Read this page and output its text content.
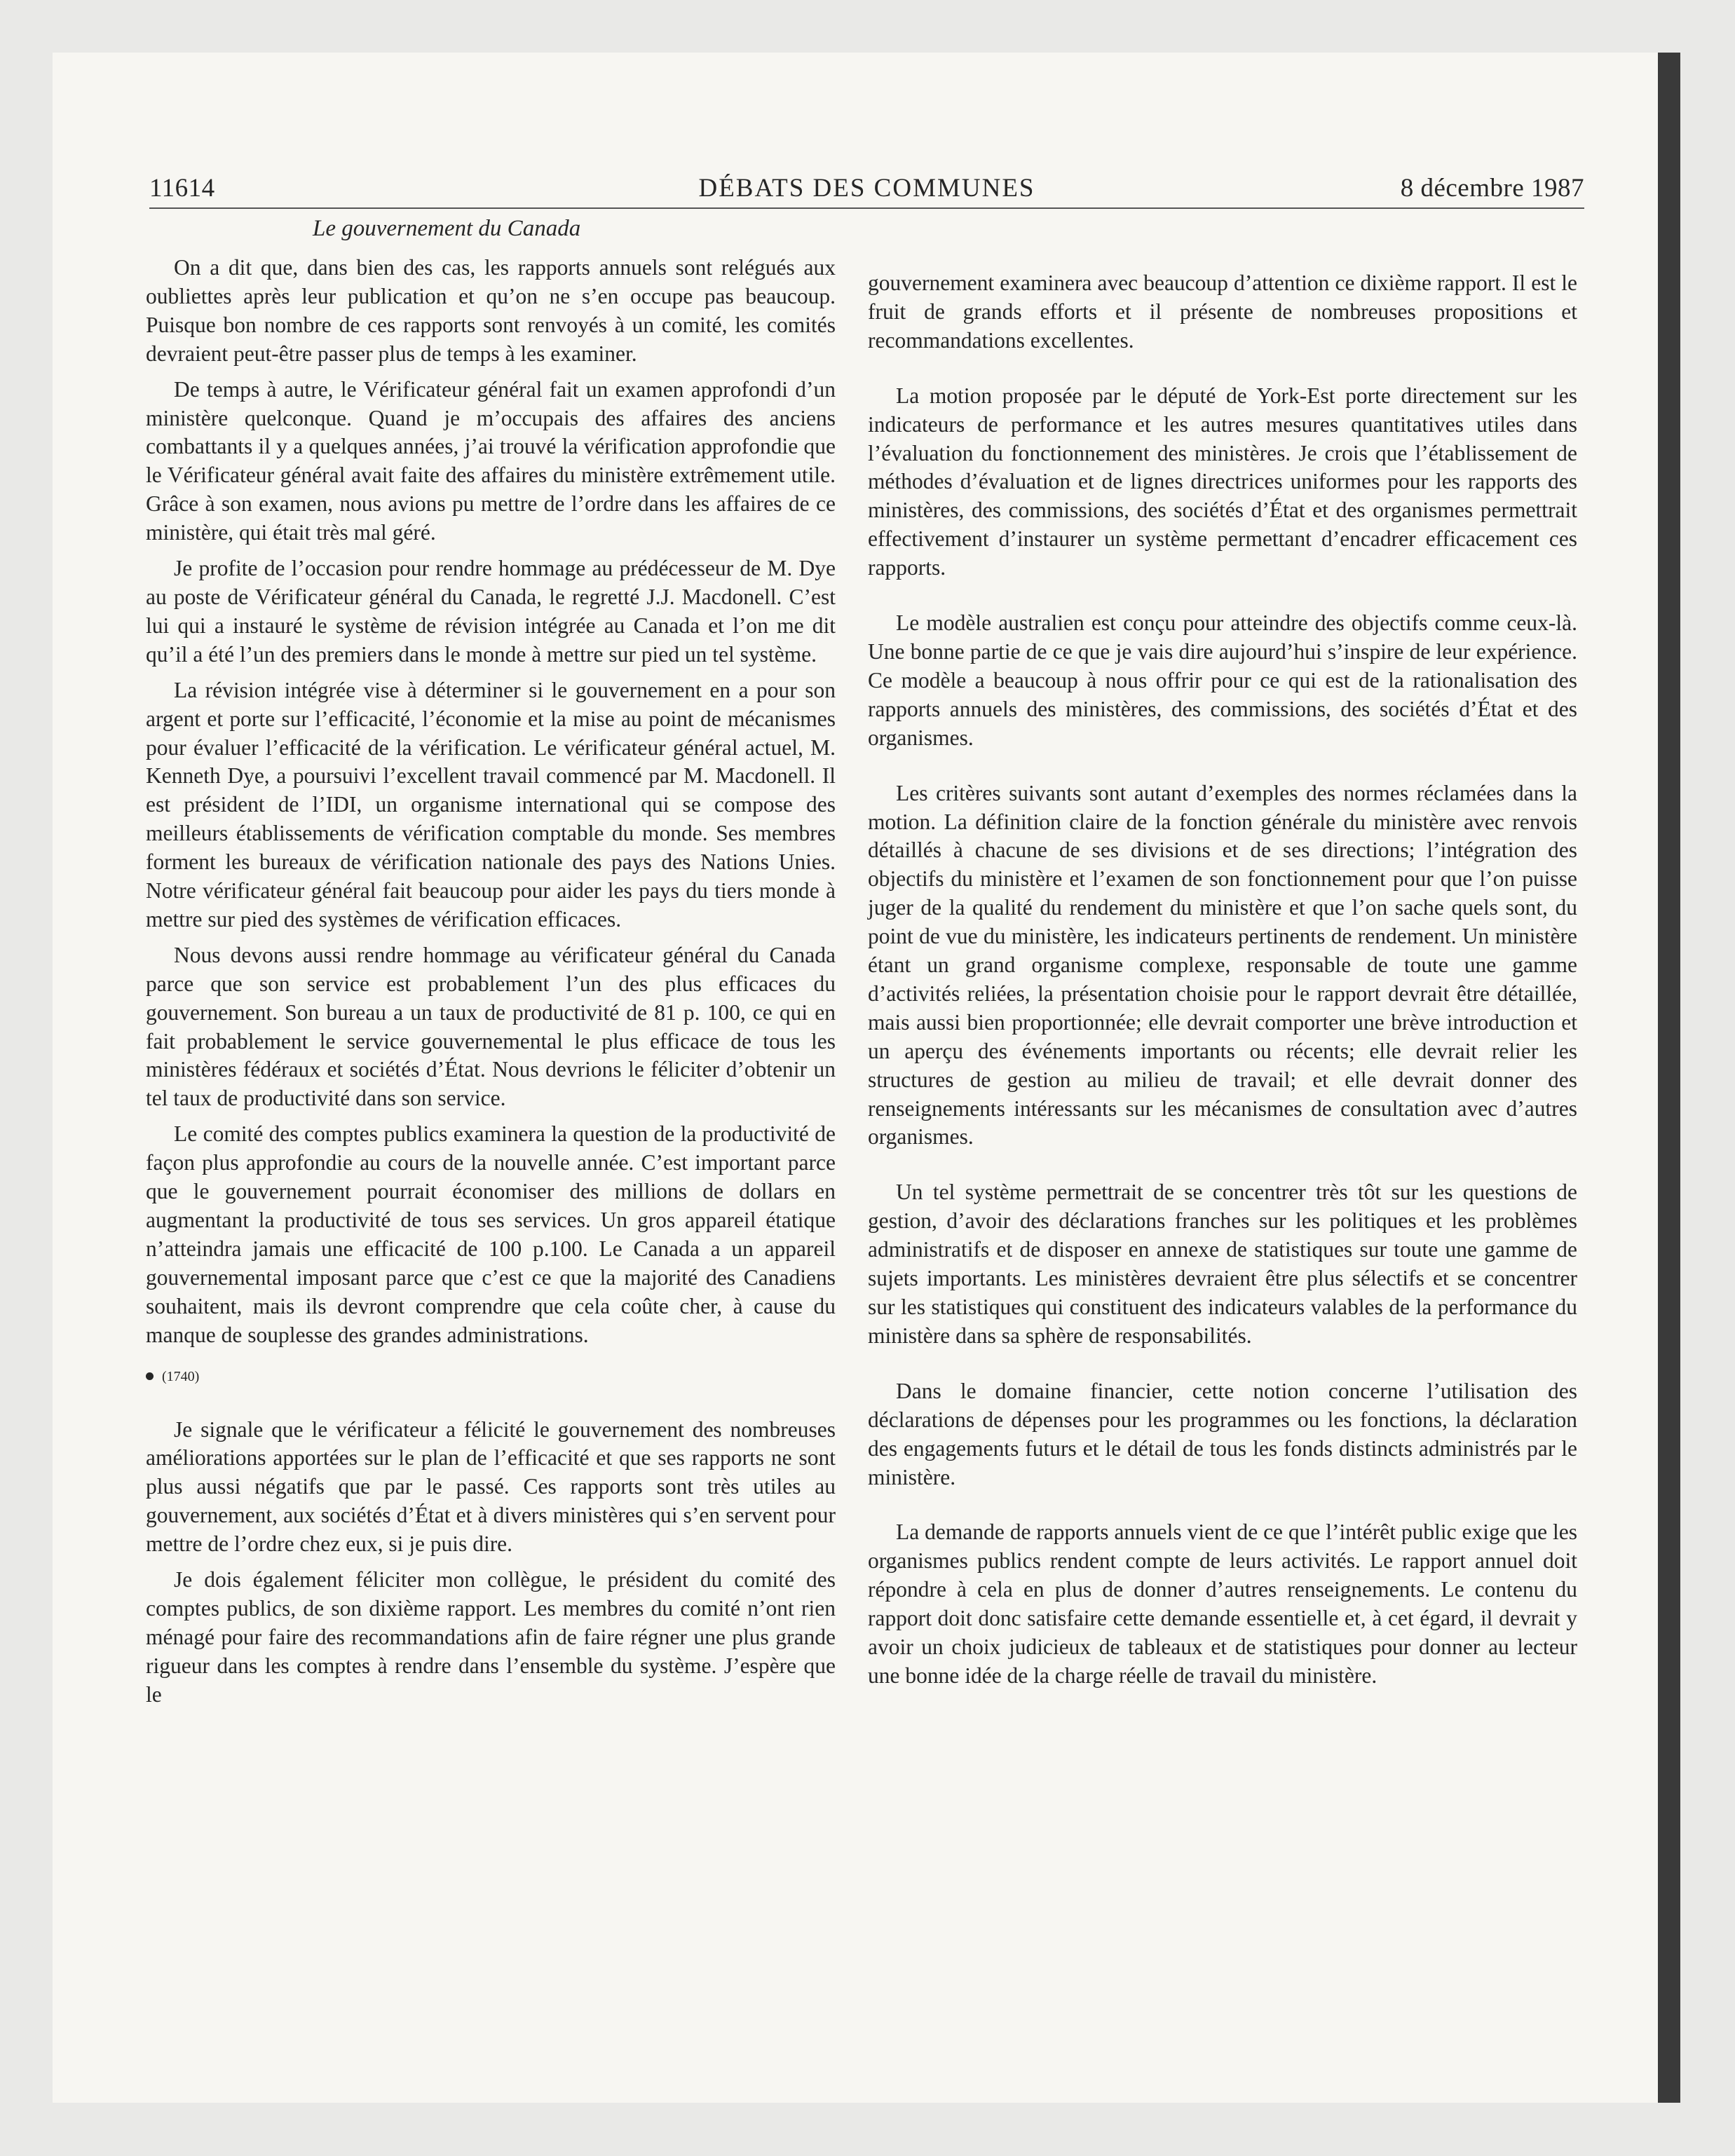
11614	DÉBATS DES COMMUNES	8 décembre 1987
Le gouvernement du Canada

On a dit que, dans bien des cas, les rapports annuels sont relégués aux oubliettes après leur publication et qu’on ne s’en occupe pas beaucoup. Puisque bon nombre de ces rapports sont renvoyés à un comité, les comités devraient peut-être passer plus de temps à les examiner.

De temps à autre, le Vérificateur général fait un examen approfondi d’un ministère quelconque. Quand je m’occupais des affaires des anciens combattants il y a quelques années, j’ai trouvé la vérification approfondie que le Vérificateur général avait faite des affaires du ministère extrêmement utile. Grâce à son examen, nous avions pu mettre de l’ordre dans les affaires de ce ministère, qui était très mal géré.

Je profite de l’occasion pour rendre hommage au prédécesseur de M. Dye au poste de Vérificateur général du Canada, le regretté J.J. Macdonell. C’est lui qui a instauré le système de révision intégrée au Canada et l’on me dit qu’il a été l’un des premiers dans le monde à mettre sur pied un tel système.

La révision intégrée vise à déterminer si le gouvernement en a pour son argent et porte sur l’efficacité, l’économie et la mise au point de mécanismes pour évaluer l’efficacité de la vérification. Le vérificateur général actuel, M. Kenneth Dye, a poursuivi l’excellent travail commencé par M. Macdonell. Il est président de l’IDI, un organisme international qui se compose des meilleurs établissements de vérification comptable du monde. Ses membres forment les bureaux de vérification nationale des pays des Nations Unies. Notre vérificateur général fait beaucoup pour aider les pays du tiers monde à mettre sur pied des systèmes de vérification efficaces.

Nous devons aussi rendre hommage au vérificateur général du Canada parce que son service est probablement l’un des plus efficaces du gouvernement. Son bureau a un taux de productivité de 81 p. 100, ce qui en fait probablement le service gouvernemental le plus efficace de tous les ministères fédéraux et sociétés d’État. Nous devrions le féliciter d’obtenir un tel taux de productivité dans son service.

Le comité des comptes publics examinera la question de la productivité de façon plus approfondie au cours de la nouvelle année. C’est important parce que le gouvernement pourrait économiser des millions de dollars en augmentant la productivité de tous ses services. Un gros appareil étatique n’atteindra jamais une efficacité de 100 p.100. Le Canada a un appareil gouvernemental imposant parce que c’est ce que la majorité des Canadiens souhaitent, mais ils devront comprendre que cela coûte cher, à cause du manque de souplesse des grandes administrations.

(1740)

Je signale que le vérificateur a félicité le gouvernement des nombreuses améliorations apportées sur le plan de l’efficacité et que ses rapports ne sont plus aussi négatifs que par le passé. Ces rapports sont très utiles au gouvernement, aux sociétés d’État et à divers ministères qui s’en servent pour mettre de l’ordre chez eux, si je puis dire.

Je dois également féliciter mon collègue, le président du comité des comptes publics, de son dixième rapport. Les membres du comité n’ont rien ménagé pour faire des recommandations afin de faire régner une plus grande rigueur dans les comptes à rendre dans l’ensemble du système. J’espère que le

gouvernement examinera avec beaucoup d’attention ce dixième rapport. Il est le fruit de grands efforts et il présente de nombreuses propositions et recommandations excellentes.

La motion proposée par le député de York-Est porte directement sur les indicateurs de performance et les autres mesures quantitatives utiles dans l’évaluation du fonctionnement des ministères. Je crois que l’établissement de méthodes d’évaluation et de lignes directrices uniformes pour les rapports des ministères, des commissions, des sociétés d’État et des organismes permettrait effectivement d’instaurer un système permettant d’encadrer efficacement ces rapports.

Le modèle australien est conçu pour atteindre des objectifs comme ceux-là. Une bonne partie de ce que je vais dire aujourd’hui s’inspire de leur expérience. Ce modèle a beaucoup à nous offrir pour ce qui est de la rationalisation des rapports annuels des ministères, des commissions, des sociétés d’État et des organismes.

Les critères suivants sont autant d’exemples des normes réclamées dans la motion. La définition claire de la fonction générale du ministère avec renvois détaillés à chacune de ses divisions et de ses directions; l’intégration des objectifs du ministère et l’examen de son fonctionnement pour que l’on puisse juger de la qualité du rendement du ministère et que l’on sache quels sont, du point de vue du ministère, les indicateurs pertinents de rendement. Un ministère étant un grand organisme complexe, responsable de toute une gamme d’activités reliées, la présentation choisie pour le rapport devrait être détaillée, mais aussi bien proportionnée; elle devrait comporter une brève introduction et un aperçu des événements importants ou récents; elle devrait relier les structures de gestion au milieu de travail; et elle devrait donner des renseignements intéressants sur les mécanismes de consultation avec d’autres organismes.

Un tel système permettrait de se concentrer très tôt sur les questions de gestion, d’avoir des déclarations franches sur les politiques et les problèmes administratifs et de disposer en annexe de statistiques sur toute une gamme de sujets importants. Les ministères devraient être plus sélectifs et se concentrer sur les statistiques qui constituent des indicateurs valables de la performance du ministère dans sa sphère de responsabilités.

Dans le domaine financier, cette notion concerne l’utilisation des déclarations de dépenses pour les programmes ou les fonctions, la déclaration des engagements futurs et le détail de tous les fonds distincts administrés par le ministère.

La demande de rapports annuels vient de ce que l’intérêt public exige que les organismes publics rendent compte de leurs activités. Le rapport annuel doit répondre à cela en plus de donner d’autres renseignements. Le contenu du rapport doit donc satisfaire cette demande essentielle et, à cet égard, il devrait y avoir un choix judicieux de tableaux et de statistiques pour donner au lecteur une bonne idée de la charge réelle de travail du ministère.
